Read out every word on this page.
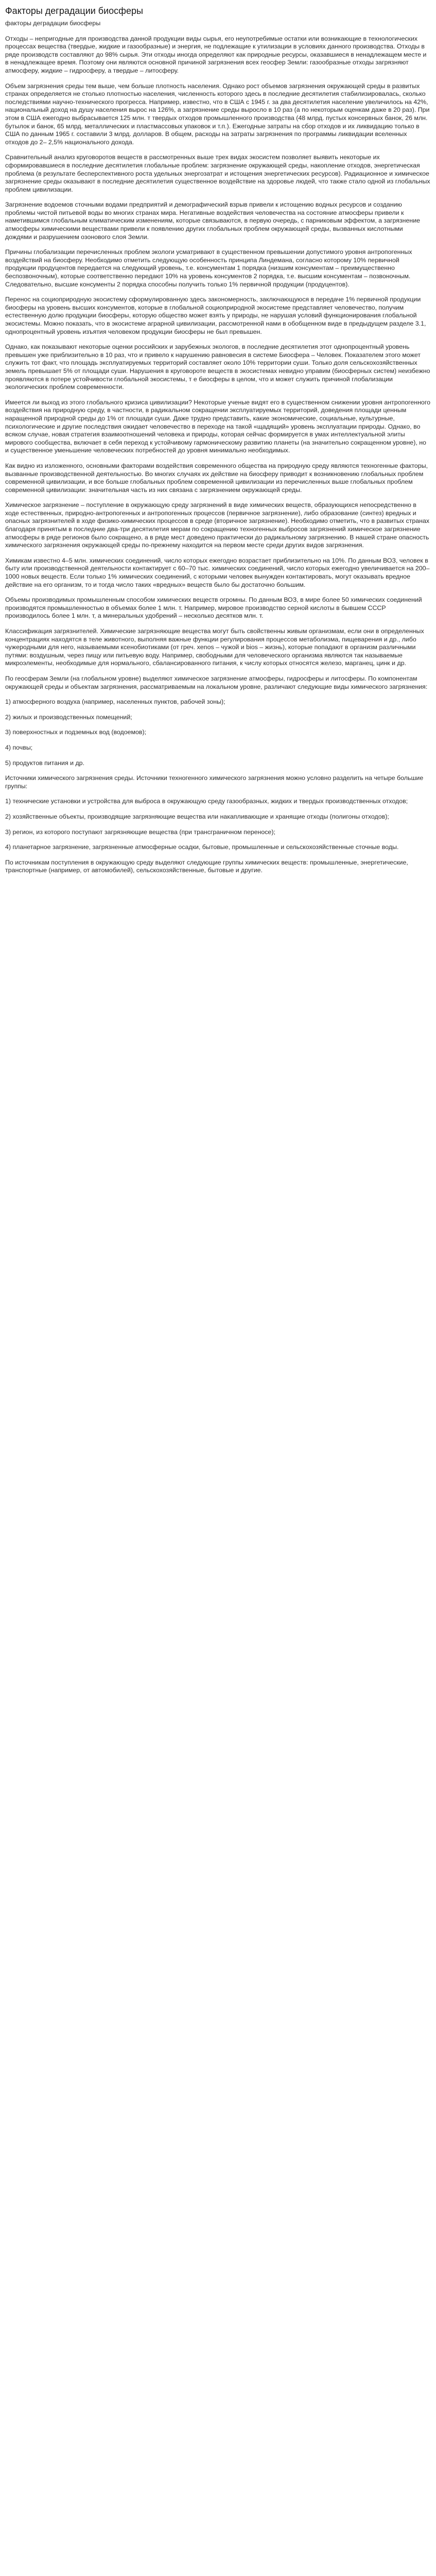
Факторы деградации биосферы

факторы деградации биосферы

Отходы – непригодные для производства данной продукции виды сырья, его неупотребимые остатки или возникающие в технологических процессах вещества (твердые, жидкие и газообразные) и энергия, не подлежащие к утилизации в условиях данного производства. Отходы в ряде производств составляют до 98% сырья. Эти отходы иногда определяют как природные ресурсы, оказавшиеся в ненадлежащем месте и в ненадлежащее время. Поэтому они являются основной причиной загрязнения всех геосфер Земли: газообразные отходы загрязняют атмосферу, жидкие – гидросферу, а твердые – литосферу.

Объем загрязнения среды тем выше, чем больше плотность населения. Однако рост объемов загрязнения окружающей среды в развитых странах определяется не столько плотностью населения, численность которого здесь в последние десятилетия стабилизировалась, сколько последствиями научно-технического прогресса. Например, известно, что в США с 1945 г. за два десятилетия население увеличилось на 42%, национальный доход на душу населения вырос на 126%, а загрязнение среды выросло в 10 раз (а по некоторым оценкам даже в 20 раз). При этом в США ежегодно выбрасывается 125 млн. т твердых отходов промышленного производства (48 млрд. пустых консервных банок, 26 млн. бутылок и банок, 65 млрд. металлических и пластмассовых упаковок и т.п.). Ежегодные затраты на сбор отходов и их ликвидацию только в США по данным 1965 г. составили 3 млрд. долларов. В общем, расходы на затраты загрязнения по программы ликвидации вселенных отходов до 2– 2,5% национального дохода.

Сравнительный анализ круговоротов веществ в рассмотренных выше трех видах экосистем позволяет выявить некоторые их сформировавшиеся в последние десятилетия глобальные проблем: загрязнение окружающей среды, накопление отходов, энергетическая проблема (в результате бесперспективного роста удельных энергозатрат и истощения энергетических ресурсов). Радиационное и химическое загрязнение среды оказывают в последние десятилетия существенное воздействие на здоровье людей, что также стало одной из глобальных проблем цивилизации.

Загрязнение водоемов сточными водами предприятий и демографический взрыв привели к истощению водных ресурсов и созданию проблемы чистой питьевой воды во многих странах мира. Негативные воздействия человечества на состояние атмосферы привели к наметившимся глобальным климатическим изменениям, которые связываются, в первую очередь, с парниковым эффектом, а загрязнение атмосферы химическими веществами привели к появлению других глобальных проблем окружающей среды, вызванных кислотными дождями и разрушением озонового слоя Земли.

Причины глобализации перечисленных проблем экологи усматривают в существенном превышении допустимого уровня антропогенных воздействий на биосферу. Необходимо отметить следующую особенность принципа Линдемана, согласно которому 10% первичной продукции продуцентов передается на следующий уровень, т.е. консументам 1 порядка (низшим консументам – преимущественно беспозвоночным), которые соответственно передают 10% на уровень консументов 2 порядка, т.е. высшим консументам – позвоночным. Следовательно, высшие консументы 2 порядка способны получить только 1% первичной продукции (продуцентов).

Перенос на социоприродную экосистему сформулированную здесь закономерность, заключающуюся в передаче 1% первичной продукции биосферы на уровень высших консументов, которые в глобальной социоприродной экосистеме представляет человечество, получим естественную долю продукции биосферы, которую общество может взять у природы, не нарушая условий функционирования глобальной экосистемы. Можно показать, что в экосистеме аграрной цивилизации, рассмотренной нами в обобщенном виде в предыдущем разделе 3.1, однопроцентный уровень изъятия человеком продукции биосферы не был превышен.

Однако, как показывают некоторые оценки российских и зарубежных экологов, в последние десятилетия этот однопроцентный уровень превышен уже приблизительно в 10 раз, что и привело к нарушению равновесия в системе Биосфера – Человек. Показателем этого может служить тот факт, что площадь эксплуатируемых территорий составляет около 10% территории суши. Только доля сельскохозяйственных земель превышает 5% от площади суши. Нарушения в круговороте веществ в экосистемах невидно управим (биосферных систем) неизбежно проявляются в потере устойчивости глобальной экосистемы, т е биосферы в целом, что и может служить причиной глобализации экологических проблем современности.

Имеется ли выход из этого глобального кризиса цивилизации? Некоторые ученые видят его в существенном снижении уровня антропогенного воздействия на природную среду, в частности, в радикальном сокращении эксплуатируемых территорий, доведения площади ценным наращенной природной среды до 1% от площади суши. Даже трудно представить, какие экономические, социальные, культурные, психологические и другие последствия ожидает человечество в переходе на такой «щадящий» уровень эксплуатации природы. Однако, во всяком случае, новая стратегия взаимоотношений человека и природы, которая сейчас формируется в умах интеллектуальной элиты мирового сообщества, включает в себя переход к устойчивому гармоническому развитию планеты (на значительно сокращенном уровне), но и существенное уменьшение человеческих потребностей до уровня минимально необходимых.

Как видно из изложенного, основными факторами воздействия современного общества на природную среду являются техногенные факторы, вызванные производственной деятельностью. Во многих случаях их действие на биосферу приводит к возникновению глобальных проблем современной цивилизации, и все больше глобальных проблем современной цивилизации из перечисленных выше глобальных проблем современной цивилизации: значительная часть из них связана с загрязнением окружающей среды.

Химическое загрязнение – поступление в окружающую среду загрязнений в виде химических веществ, образующихся непосредственно в ходе естественных, природно-антропогенных и антропогенных процессов (первичное загрязнение), либо образование (синтез) вредных и опасных загрязнителей в ходе физико-химических процессов в среде (вторичное загрязнение). Необходимо отметить, что в развитых странах благодаря принятым в последние два-три десятилетия мерам по сокращению техногенных выбросов загрязнений химическое загрязнение атмосферы в ряде регионов было сокращено, а в ряде мест доведено практически до радикальному загрязнению. В нашей стране опасность химического загрязнения окружающей среды по-прежнему находится на первом месте среди других видов загрязнения.

Химикам известно 4–5 млн. химических соединений, число которых ежегодно возрастает приблизительно на 10%. По данным ВОЗ, человек в быту или производственной деятельности контактирует с 60–70 тыс. химических соединений, число которых ежегодно увеличивается на 200–1000 новых веществ. Если только 1% химических соединений, с которыми человек вынужден контактировать, могут оказывать вредное действие на его организм, то и тогда число таких «вредных» веществ было бы достаточно большим.

Объемы производимых промышленным способом химических веществ огромны. По данным ВОЗ, в мире более 50 химических соединений производятся промышленностью в объемах более 1 млн. т. Например, мировое производство серной кислоты в бывшем СССР производилось более 1 млн. т, а минеральных удобрений – несколько десятков млн. т.

Классификация загрязнителей. Химические загрязняющие вещества могут быть свойственны живым организмам, если они в определенных концентрациях находятся в теле животного, выполняя важные функции регулирования процессов метаболизма, пищеварения и др., либо чужеродными для него, называемыми ксенобиотиками (от греч. xenos – чужой и bios – жизнь), которые попадают в организм различными путями: воздушным, через пищу или питьевую воду. Например, свободными для человеческого организма являются так называемые микроэлементы, необходимые для нормального, сбалансированного питания, к числу которых относятся железо, марганец, цинк и др.

По геосферам Земли (на глобальном уровне) выделяют химическое загрязнение атмосферы, гидросферы и литосферы. По компонентам окружающей среды и объектам загрязнения, рассматриваемым на локальном уровне, различают следующие виды химического загрязнения:

1) атмосферного воздуха (например, населенных пунктов, рабочей зоны);

2) жилых и производственных помещений;

3) поверхностных и подземных вод (водоемов);

4) почвы;

5) продуктов питания и др.

Источники химического загрязнения среды. Источники техногенного химического загрязнения можно условно разделить на четыре большие группы:

1) технические установки и устройства для выброса в окружающую среду газообразных, жидких и твердых производственных отходов;

2) хозяйственные объекты, производящие загрязняющие вещества или накапливающие и хранящие отходы (полигоны отходов);

3) регион, из которого поступают загрязняющие вещества (при трансграничном переносе);

4) планетарное загрязнение, загрязненные атмосферные осадки, бытовые, промышленные и сельскохозяйственные сточные воды.

По источникам поступления в окружающую среду выделяют следующие группы химических веществ: промышленные, энергетические, транспортные (например, от автомобилей), сельскохозяйственные, бытовые и другие.
